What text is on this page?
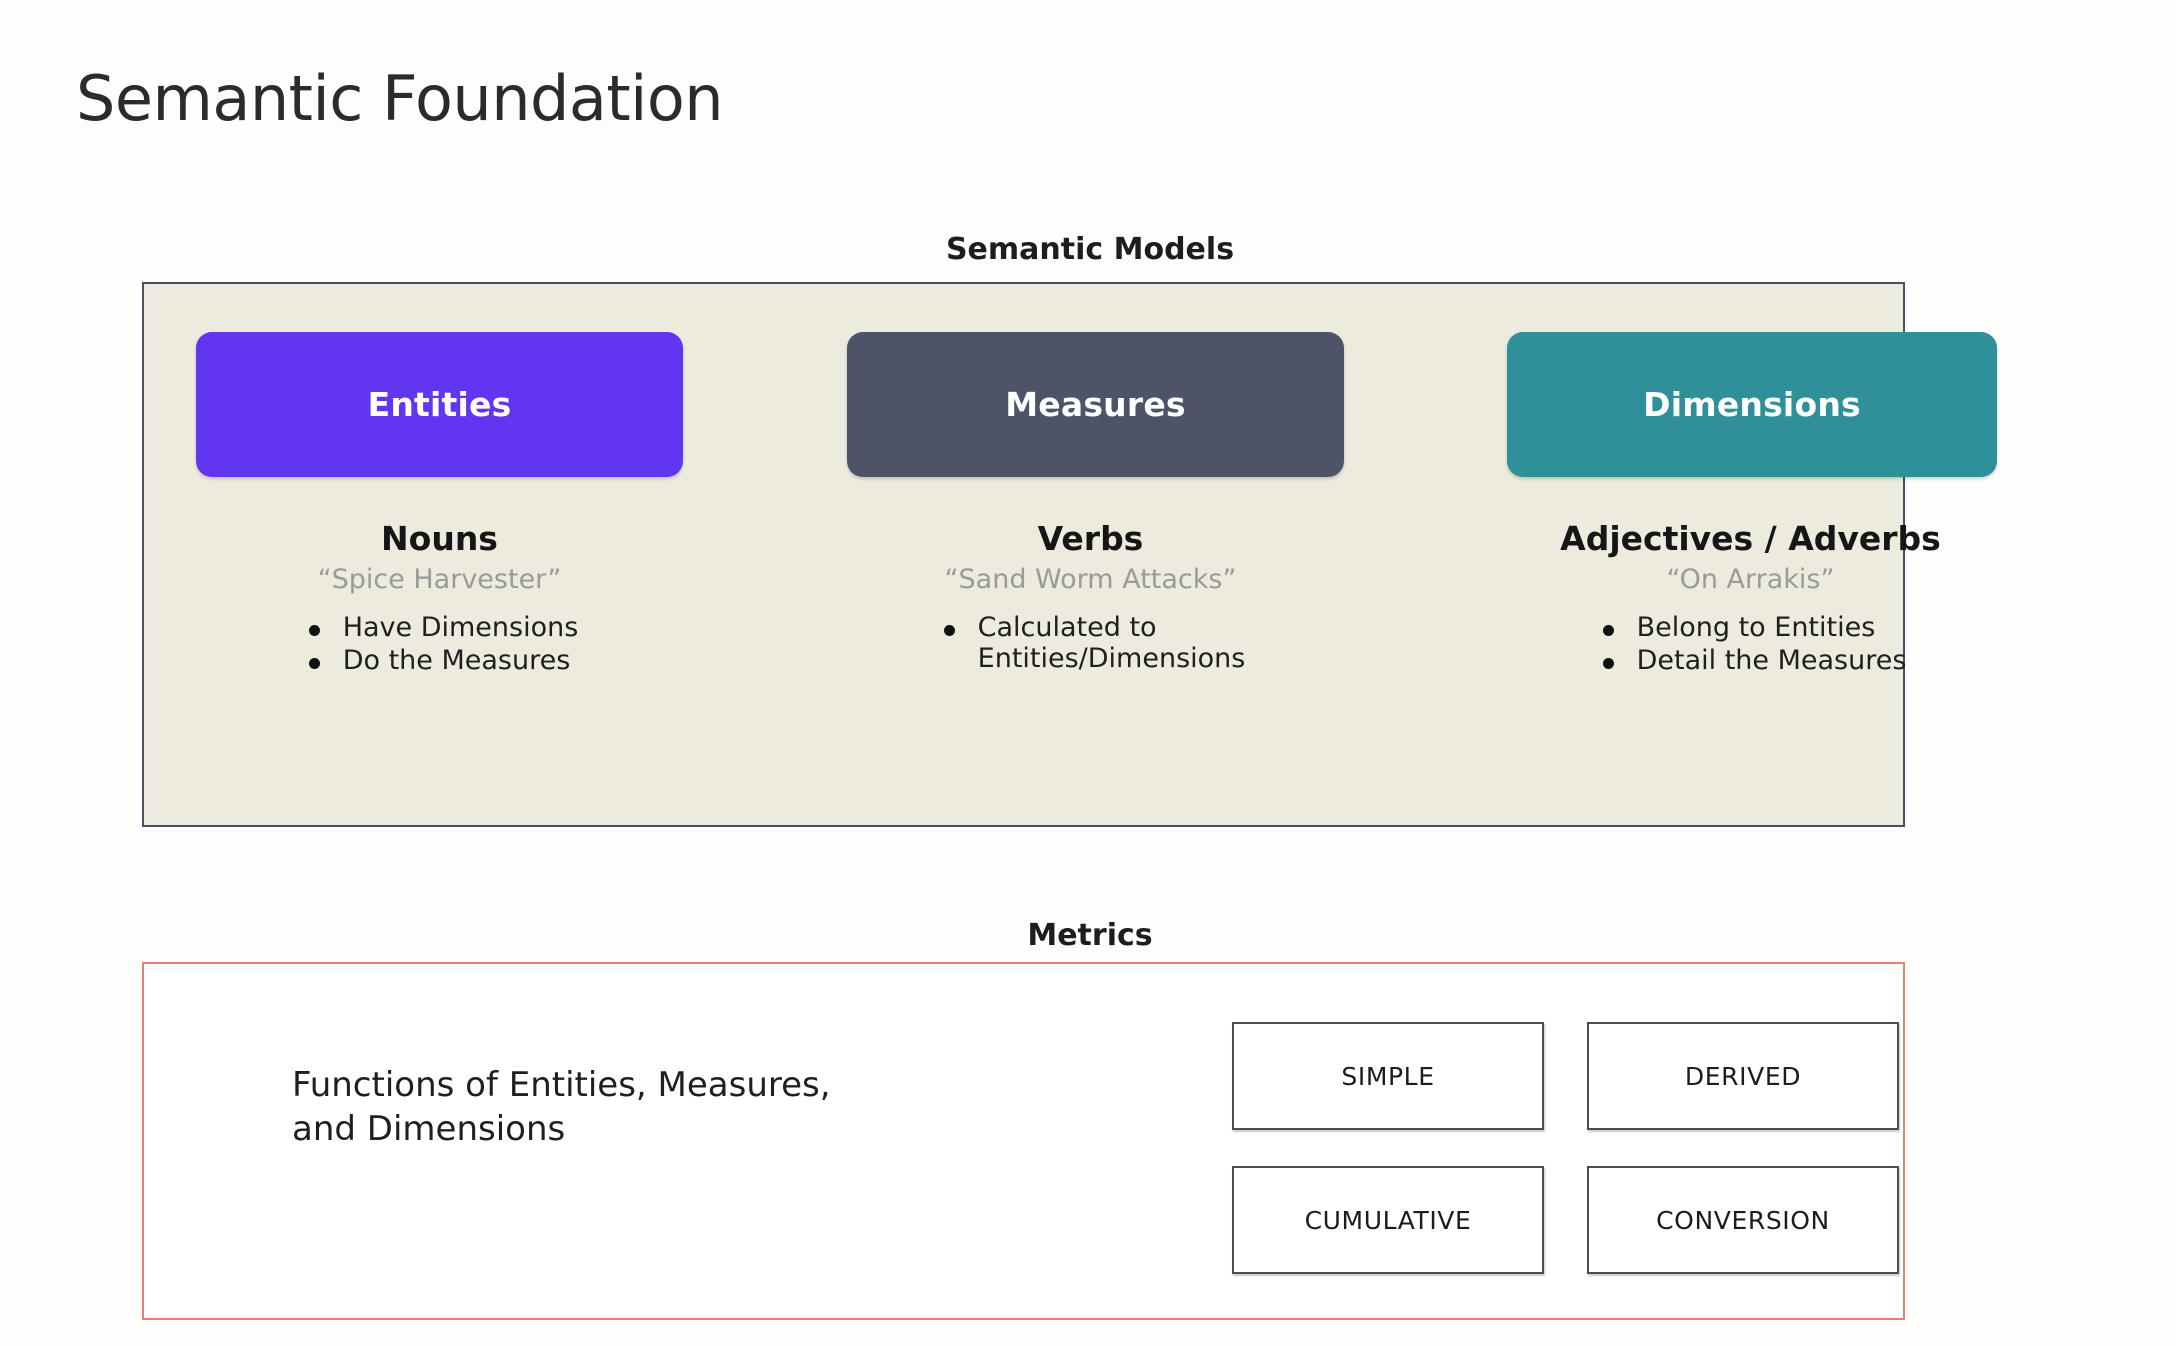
Semantic Foundation
Semantic Models
Entities
Nouns
“Spice Harvester”
Have Dimensions
Do the Measures
Measures
Verbs
“Sand Worm Attacks”
Calculated to
Entities/Dimensions
Dimensions
Adjectives / Adverbs
“On Arrakis”
Belong to Entities
Detail the Measures
Metrics
Functions of Entities, Measures,
and Dimensions
SIMPLE	DERIVED
CUMULATIVE	CONVERSION
